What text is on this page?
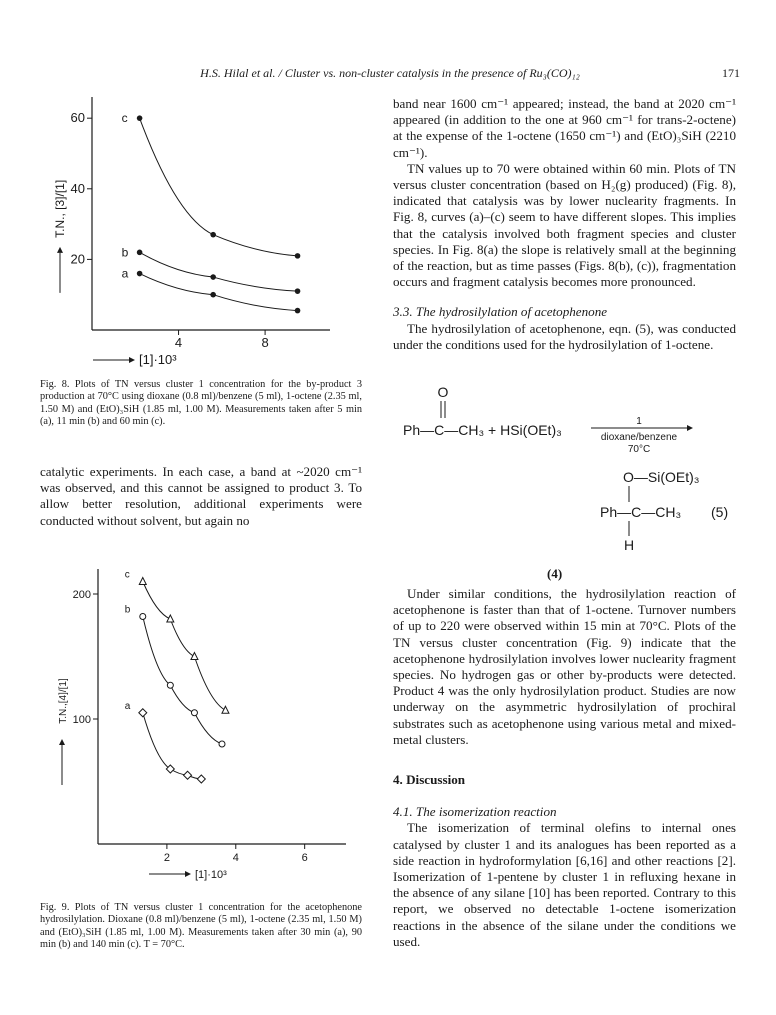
H.S. Hilal et al. / Cluster vs. non-cluster catalysis in the presence of Ru₃(CO)₁₂	171
60
40
20
4	8
[1]·10³
T.N., [3]/[1]
c
b
a

Fig. 8. Plots of TN versus cluster 1 concentration for the by-product 3 production at 70°C using dioxane (0.8 ml)/benzene (5 ml), 1-octene (2.35 ml, 1.50 M) and (EtO)₃SiH (1.85 ml, 1.00 M). Measurements taken after 5 min (a), 11 min (b) and 60 min (c).

catalytic experiments. In each case, a band at ~2020 cm⁻¹ was observed, and this cannot be assigned to product 3. To allow better resolution, additional experiments were conducted without solvent, but again no

200
100
2	4	6
[1]·10³
T.N.,[4]/[1]
c
b
a

Fig. 9. Plots of TN versus cluster 1 concentration for the acetophenone hydrosilylation. Dioxane (0.8 ml)/benzene (5 ml), 1-octene (2.35 ml, 1.50 M) and (EtO)₃SiH (1.85 ml, 1.00 M). Measurements taken after 30 min (a), 90 min (b) and 140 min (c). T = 70°C.

band near 1600 cm⁻¹ appeared; instead, the band at 2020 cm⁻¹ appeared (in addition to the one at 960 cm⁻¹ for trans-2-octene) at the expense of the 1-octene (1650 cm⁻¹) and (EtO)₃SiH (2210 cm⁻¹).

TN values up to 70 were obtained within 60 min. Plots of TN versus cluster concentration (based on H₂(g) produced) (Fig. 8), indicated that catalysis was by lower nuclearity fragments. In Fig. 8, curves (a)–(c) seem to have different slopes. This implies that the catalysis involved both fragment species and cluster species. In Fig. 8(a) the slope is relatively small at the beginning of the reaction, but as time passes (Figs. 8(b), (c)), fragmentation occurs and fragment catalysis becomes more pronounced.

3.3. The hydrosilylation of acetophenone

The hydrosilylation of acetophenone, eqn. (5), was conducted under the conditions used for the hydrosilylation of 1-octene.

O
Ph—C—CH₃ + HSi(OEt)₃
1
dioxane/benzene
70°C
O—Si(OEt)₃
Ph—C—CH₃
H
(5)
(4)

Under similar conditions, the hydrosilylation reaction of acetophenone is faster than that of 1-octene. Turnover numbers of up to 220 were observed within 15 min at 70°C. Plots of the TN versus cluster concentration (Fig. 9) indicate that the acetophenone hydrosilylation involves lower nuclearity fragment species. No hydrogen gas or other by-products were detected. Product 4 was the only hydrosilylation product. Studies are now underway on the asymmetric hydrosilylation of prochiral substrates such as acetophenone using various metal and mixed-metal clusters.

4. Discussion

4.1. The isomerization reaction

The isomerization of terminal olefins to internal ones catalysed by cluster 1 and its analogues has been reported as a side reaction in hydroformylation [6,16] and other reactions [2]. Isomerization of 1-pentene by cluster 1 in refluxing hexane in the absence of any silane [10] has been reported. Contrary to this report, we observed no detectable 1-octene isomerization reactions in the absence of the silane under the conditions we used.
